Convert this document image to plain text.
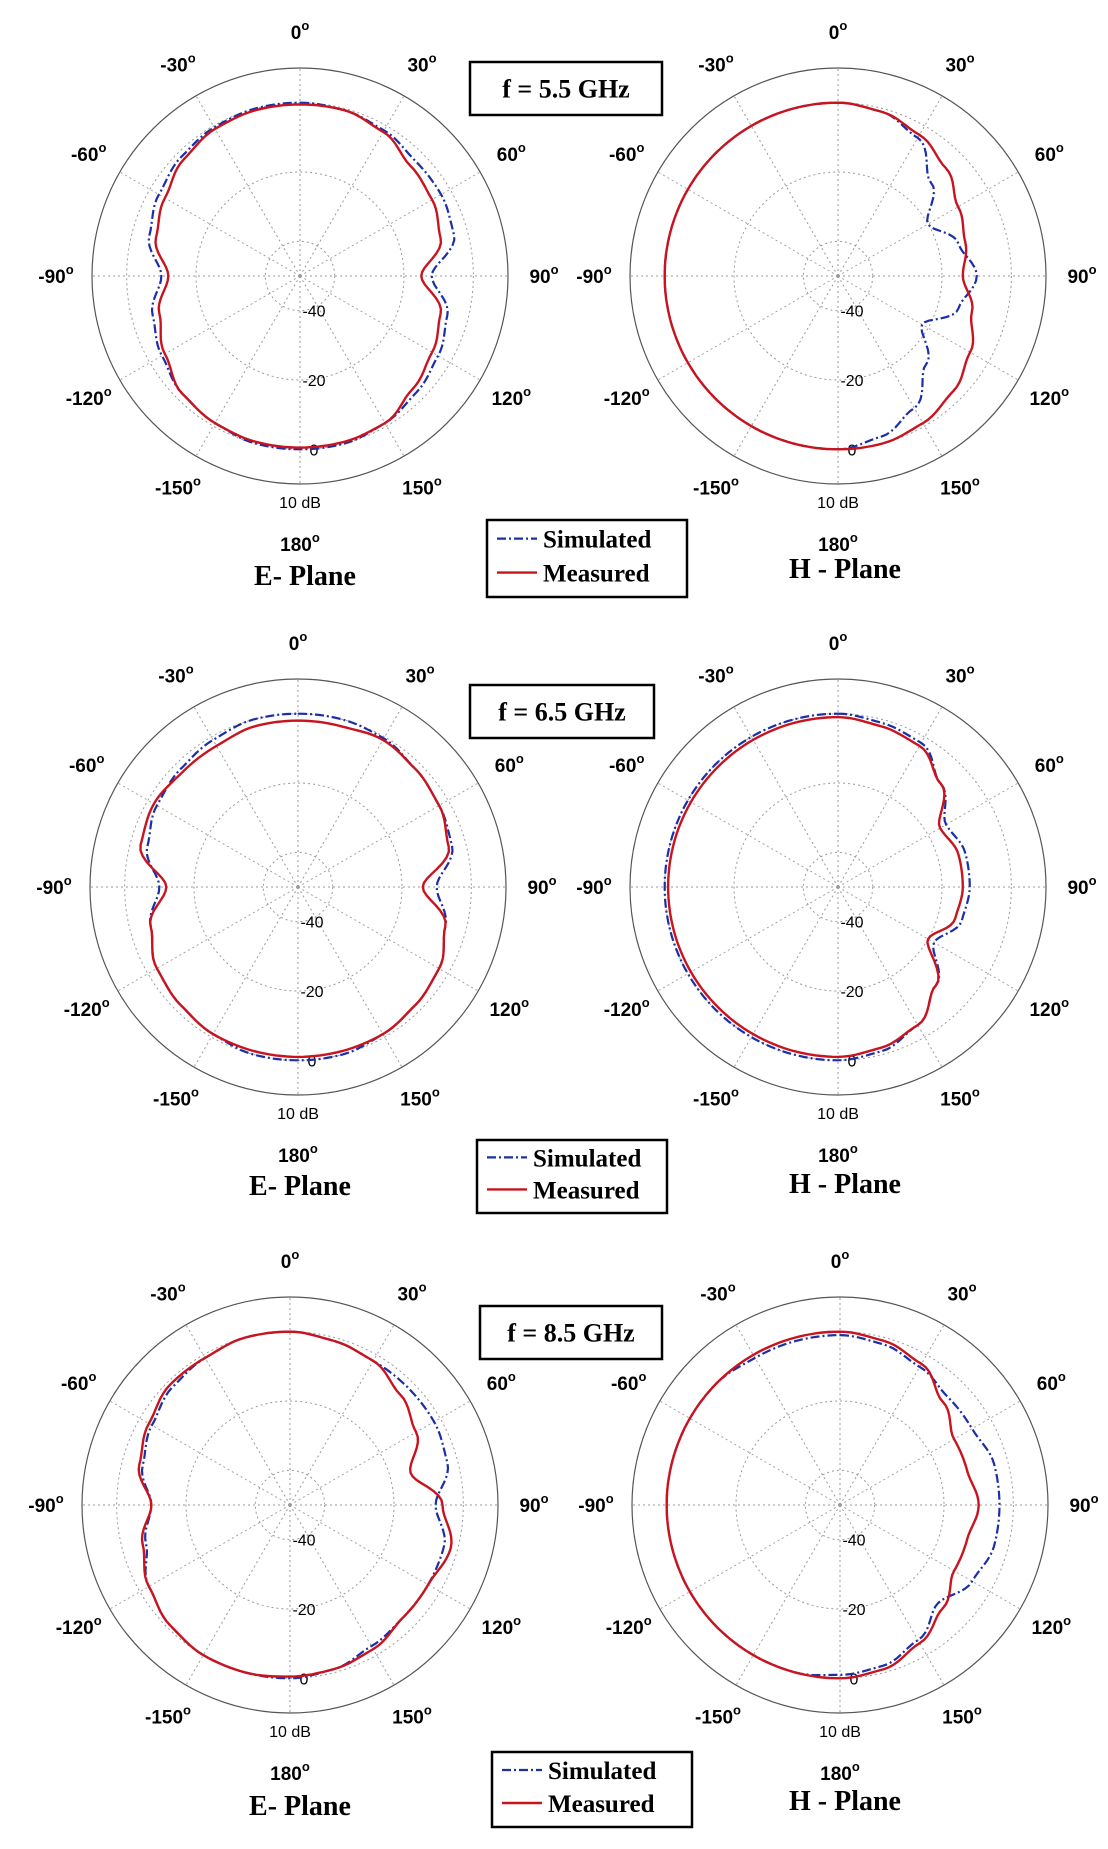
-40
-20
0
10 dB
0$^o$
30$^o$
60$^o$
90$^o$
120$^o$
150$^o$
180$^o$
-150$^o$
-120$^o$
-90$^o$
-60$^o$
-30$^o$
E- Plane
f = 5.5 GHz
Simulated
Measured
-40
-20
0
10 dB
0$^o$
30$^o$
60$^o$
90$^o$
120$^o$
150$^o$
180$^o$
-150$^o$
-120$^o$
-90$^o$
-60$^o$
-30$^o$
H - Plane
-40
-20
0
10 dB
0$^o$
30$^o$
60$^o$
90$^o$
120$^o$
150$^o$
180$^o$
-150$^o$
-120$^o$
-90$^o$
-60$^o$
-30$^o$
E- Plane
f = 6.5 GHz
Simulated
Measured
-40
-20
0
10 dB
0$^o$
30$^o$
60$^o$
90$^o$
120$^o$
150$^o$
180$^o$
-150$^o$
-120$^o$
-90$^o$
-60$^o$
-30$^o$
H - Plane
-40
-20
0
10 dB
0$^o$
30$^o$
60$^o$
90$^o$
120$^o$
150$^o$
180$^o$
-150$^o$
-120$^o$
-90$^o$
-60$^o$
-30$^o$
E- Plane
f = 8.5 GHz
Simulated
Measured
-40
-20
0
10 dB
0$^o$
30$^o$
60$^o$
90$^o$
120$^o$
150$^o$
180$^o$
-150$^o$
-120$^o$
-90$^o$
-60$^o$
-30$^o$
H - Plane
